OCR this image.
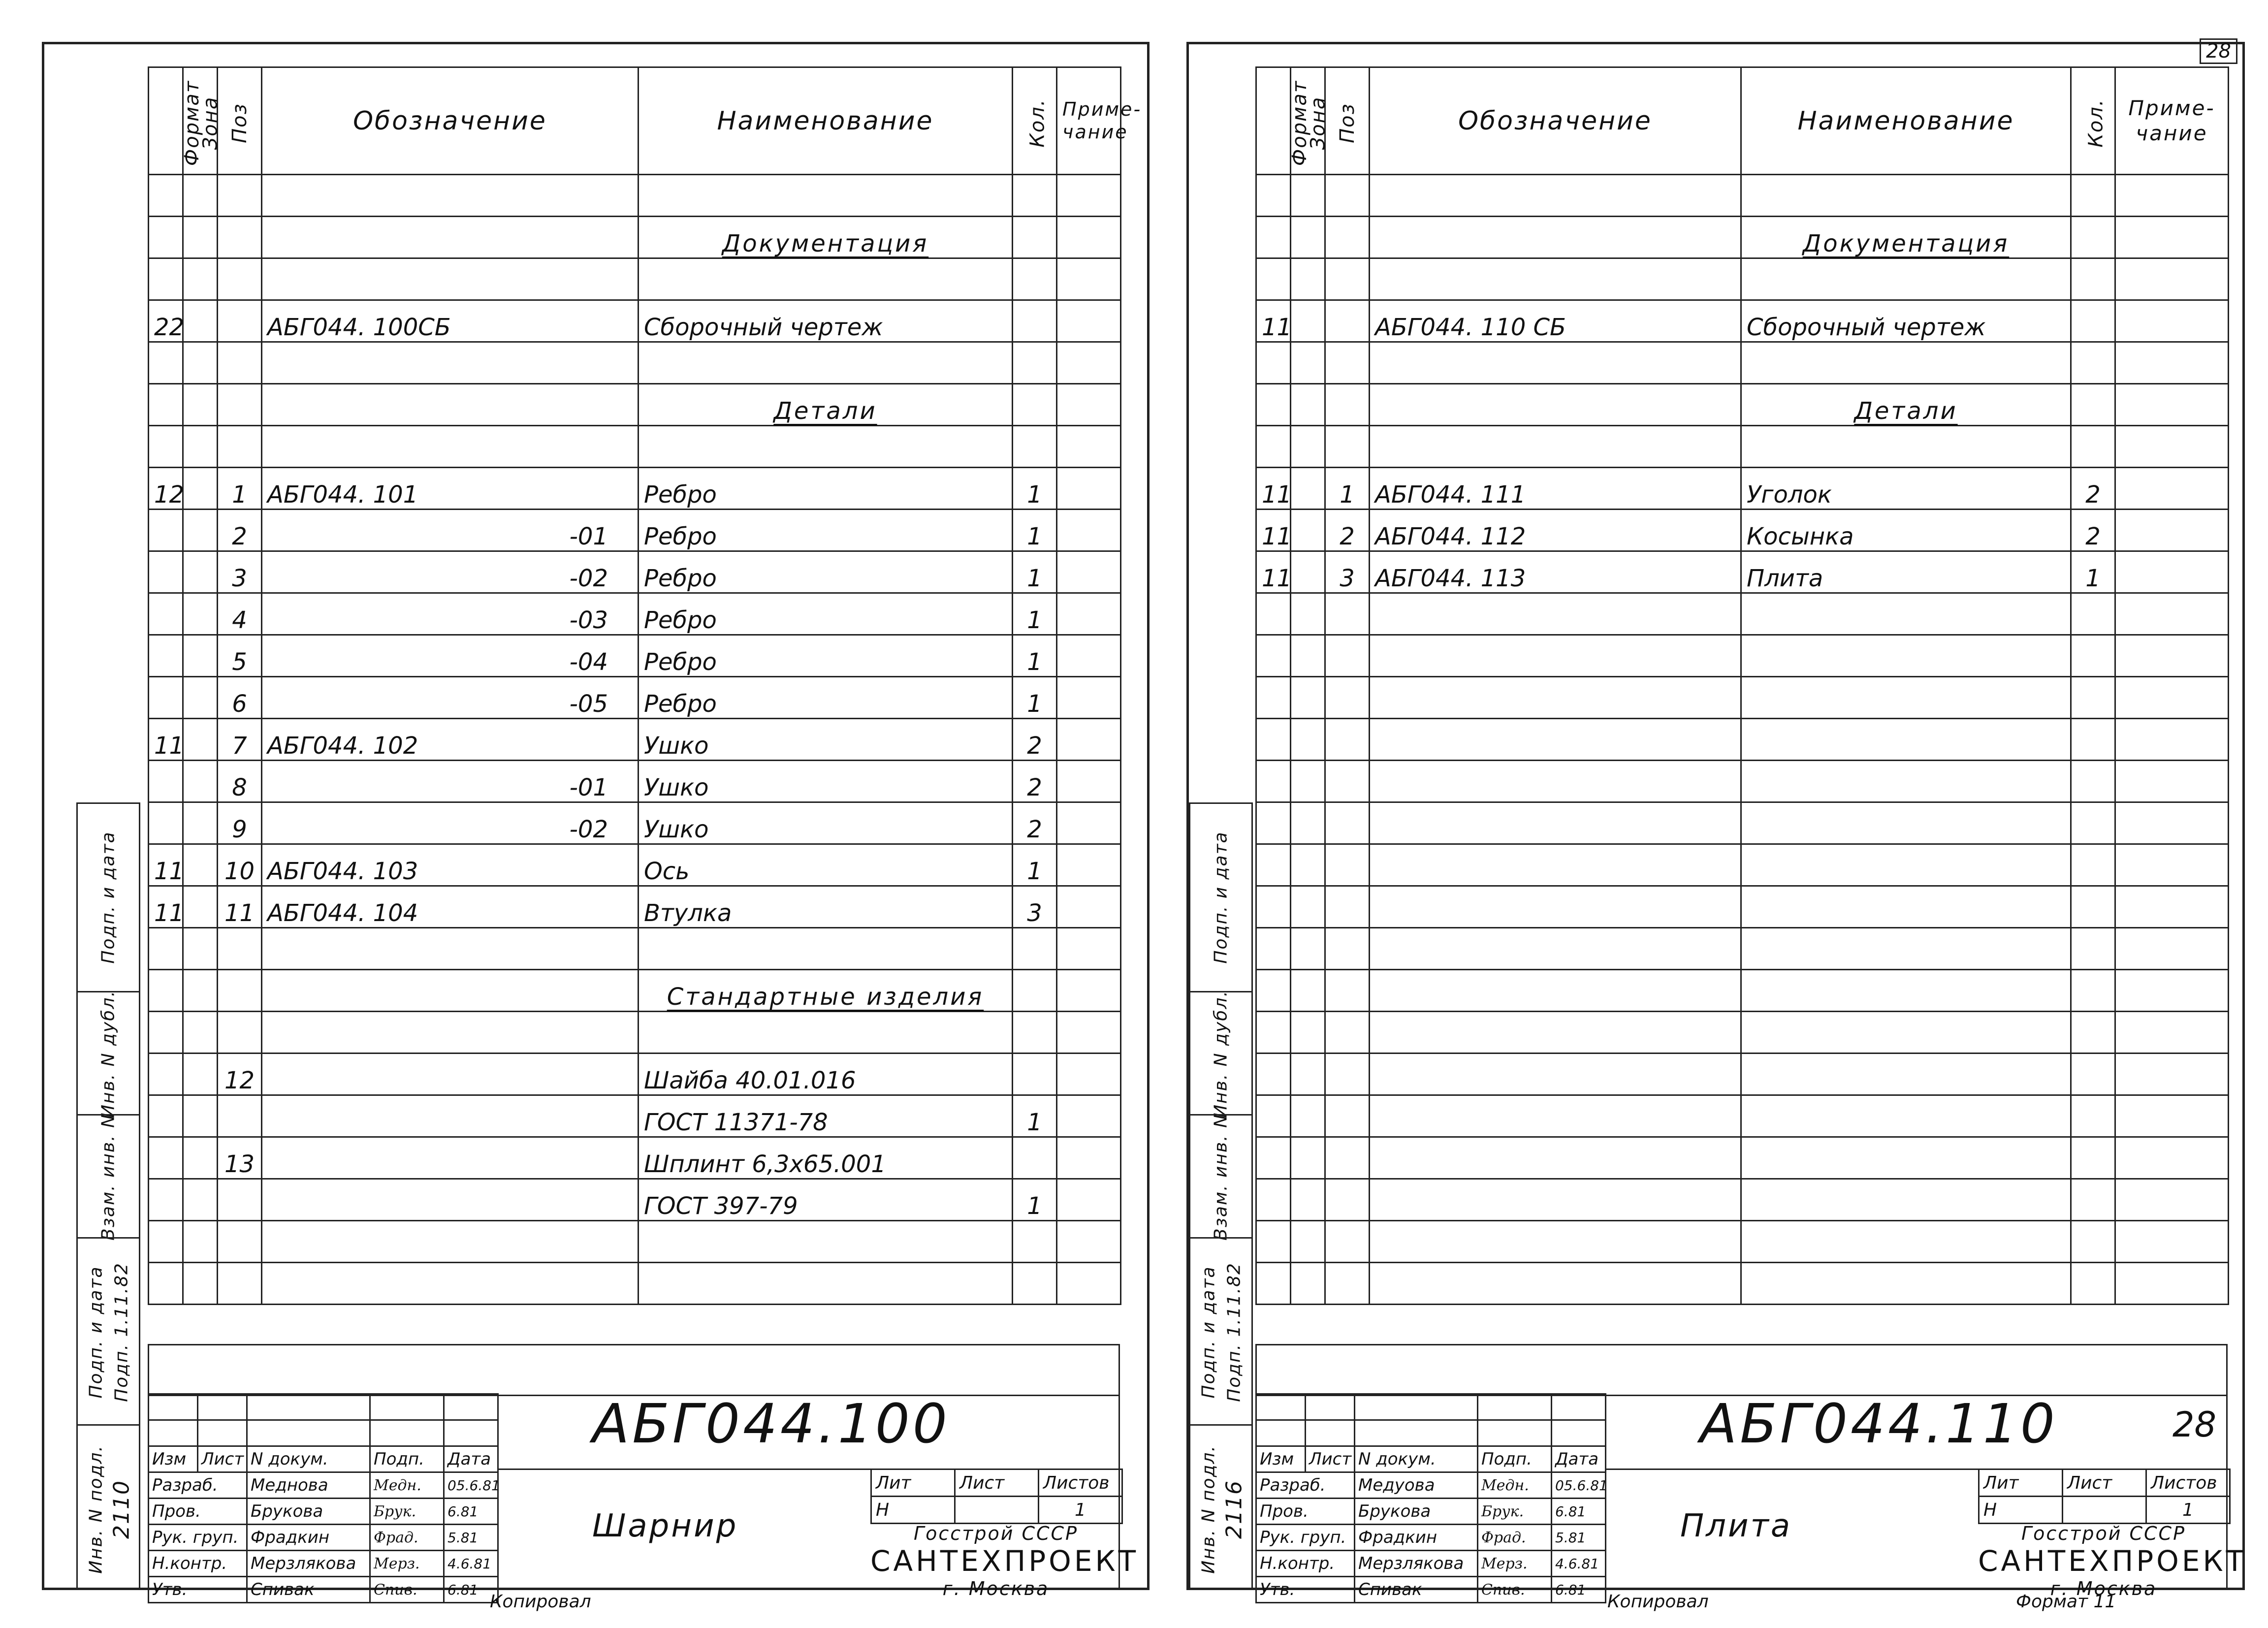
Подп. и дата
Инв. N дубл.
Взам. инв. N
Подп. и дата Подп. 1.11.82
Инв. N подл. 2110
Формат	Зона	Поз	Обозначение	Наименование	Кол.	Приме-чание

				Документация		

22			АБГ044. 100СБ	Сборочный чертеж		

				Детали		

12		1	АБГ044. 101	Ребро	1	
		2	-01	Ребро	1	
		3	-02	Ребро	1	
		4	-03	Ребро	1	
		5	-04	Ребро	1	
		6	-05	Ребро	1	
11		7	АБГ044. 102	Ушко	2	
		8	-01	Ушко	2	
		9	-02	Ушко	2	
11		10	АБГ044. 103	Ось	1	
11		11	АБГ044. 104	Втулка	3	

				Стандартные изделия		

		12		Шайба 40.01.016		
				ГОСТ 11371-78	1	
		13		Шплинт 6,3х65.001		
				ГОСТ 397-79	1	

Изм	Лист	N докум.	Подп.	Дата
Разраб.		Меднова	Медн.	05.6.81
Пров.		Брукова	Брук.	6.81
Рук. груп.		Фрадкин	Фрад.	5.81
Н.контр.		Мерзлякова	Мерз.	4.6.81
Утв.		Спивак	Спив.	6.81
АБГ044.100
Шарнир
Лит	Лист	Листов
Н		1
Госстрой СССР
САНТЕХПРОЕКТ
г. Москва
Копировал
28
Подп. и дата
Инв. N дубл.
Взам. инв. N
Подп. и дата Подп. 1.11.82
Инв. N подл. 2116
Формат	Зона	Поз	Обозначение	Наименование	Кол.	Приме-чание

				Документация		

11			АБГ044. 110 СБ	Сборочный чертеж		

				Детали		

11		1	АБГ044. 111	Уголок	2	
11		2	АБГ044. 112	Косынка	2	
11		3	АБГ044. 113	Плита	1	

Изм	Лист	N докум.	Подп.	Дата
Разраб.		Медуова	Медн.	05.6.81
Пров.		Брукова	Брук.	6.81
Рук. груп.		Фрадкин	Фрад.	5.81
Н.контр.		Мерзлякова	Мерз.	4.6.81
Утв.		Спивак	Спив.	6.81
АБГ044.110	28
Плита
Лит	Лист	Листов
Н		1
Госстрой СССР
САНТЕХПРОЕКТ
г. Москва
Копировал	Формат 11
